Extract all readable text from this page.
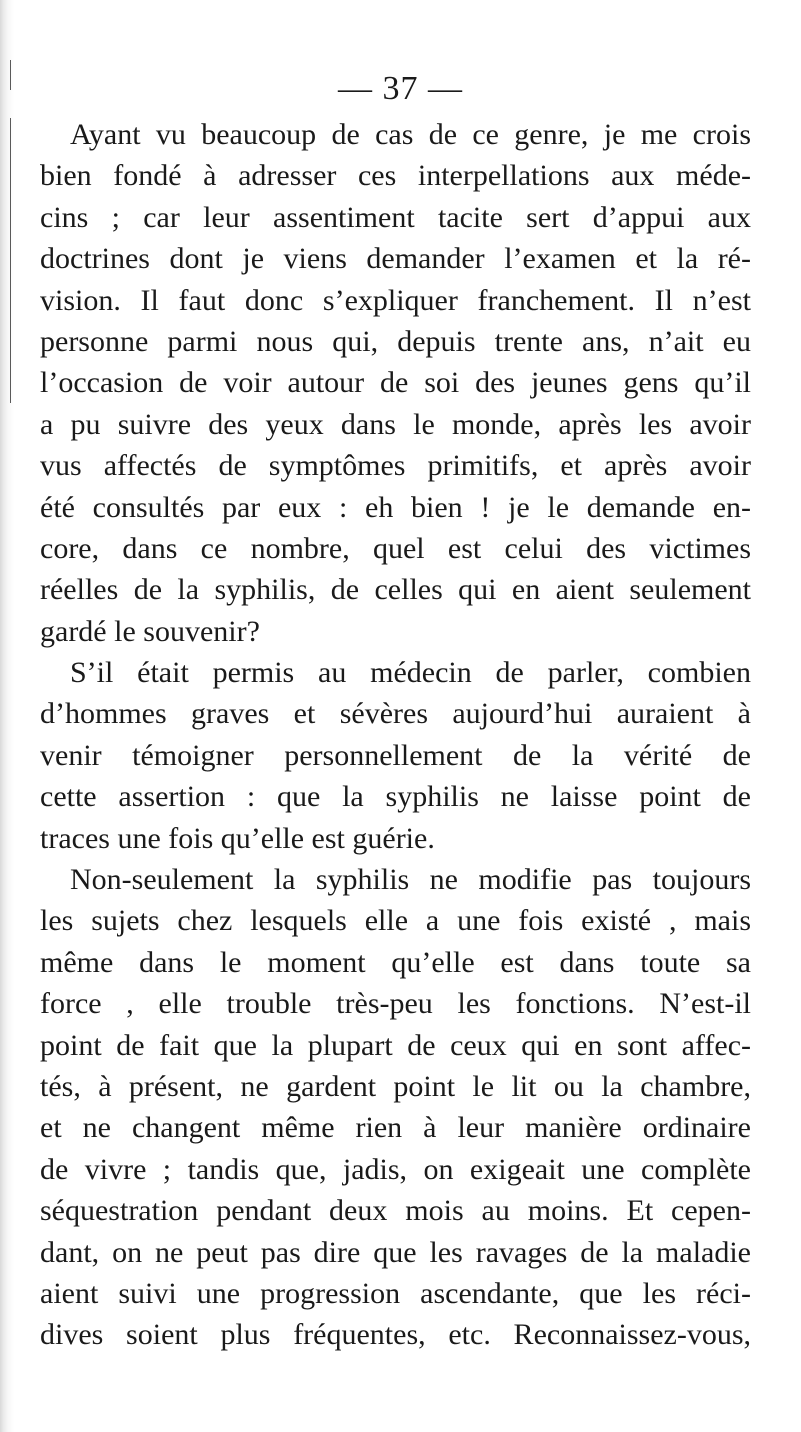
— 37 —
Ayant vu beaucoup de cas de ce genre, je me crois
bien fondé à adresser ces interpellations aux méde-
cins ; car leur assentiment tacite sert d’appui aux
doctrines dont je viens demander l’examen et la ré-
vision. Il faut donc s’expliquer franchement. Il n’est
personne parmi nous qui, depuis trente ans, n’ait eu
l’occasion de voir autour de soi des jeunes gens qu’il
a pu suivre des yeux dans le monde, après les avoir
vus affectés de symptômes primitifs, et après avoir
été consultés par eux : eh bien ! je le demande en-
core, dans ce nombre, quel est celui des victimes
réelles de la syphilis, de celles qui en aient seulement
gardé le souvenir?
S’il était permis au médecin de parler, combien
d’hommes graves et sévères aujourd’hui auraient à
venir témoigner personnellement de la vérité de
cette assertion : que la syphilis ne laisse point de
traces une fois qu’elle est guérie.
Non-seulement la syphilis ne modifie pas toujours
les sujets chez lesquels elle a une fois existé , mais
même dans le moment qu’elle est dans toute sa
force , elle trouble très-peu les fonctions. N’est-il
point de fait que la plupart de ceux qui en sont affec-
tés, à présent, ne gardent point le lit ou la chambre,
et ne changent même rien à leur manière ordinaire
de vivre ; tandis que, jadis, on exigeait une complète
séquestration pendant deux mois au moins. Et cepen-
dant, on ne peut pas dire que les ravages de la maladie
aient suivi une progression ascendante, que les réci-
dives soient plus fréquentes, etc. Reconnaissez-vous,
